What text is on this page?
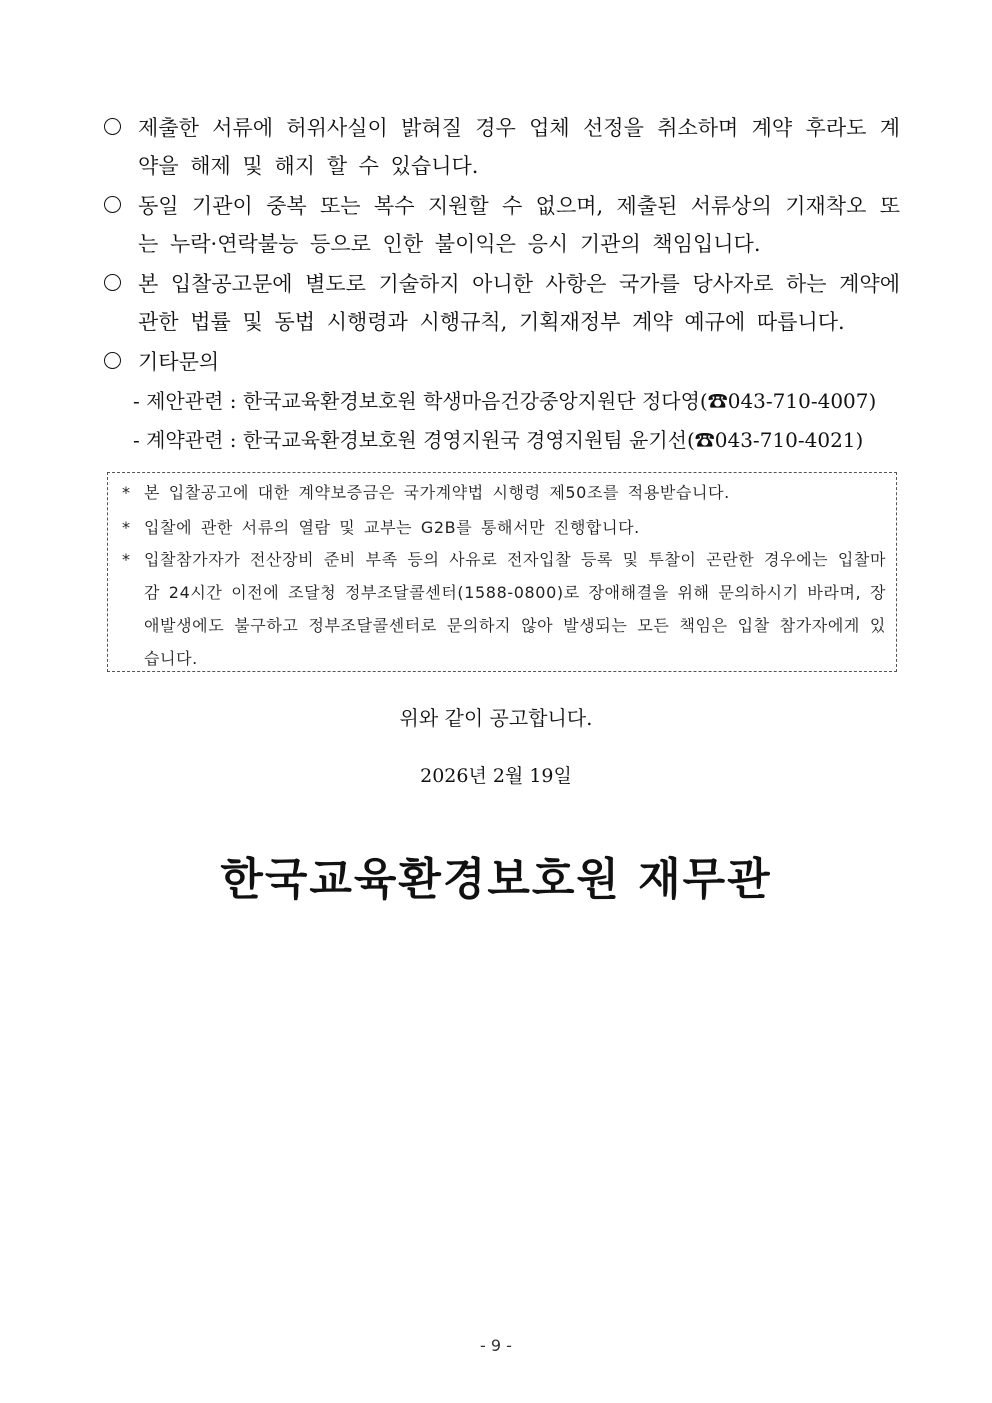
제출한 서류에 허위사실이 밝혀질 경우 업체 선정을 취소하며 계약 후라도 계약을 해제 및 해지 할 수 있습니다.
동일 기관이 중복 또는 복수 지원할 수 없으며, 제출된 서류상의 기재착오 또는 누락·연락불능 등으로 인한 불이익은 응시 기관의 책임입니다.
본 입찰공고문에 별도로 기술하지 아니한 사항은 국가를 당사자로 하는 계약에 관한 법률 및 동법 시행령과 시행규칙, 기획재정부 계약 예규에 따릅니다.
기타문의
- 제안관련 : 한국교육환경보호원 학생마음건강중앙지원단 정다영(☎043-710-4007)
- 계약관련 : 한국교육환경보호원 경영지원국 경영지원팀 윤기선(☎043-710-4021)
* 본 입찰공고에 대한 계약보증금은 국가계약법 시행령 제50조를 적용받습니다.
* 입찰에 관한 서류의 열람 및 교부는 G2B를 통해서만 진행합니다.
* 입찰참가자가 전산장비 준비 부족 등의 사유로 전자입찰 등록 및 투찰이 곤란한 경우에는 입찰마감 24시간 이전에 조달청 정부조달콜센터(1588-0800)로 장애해결을 위해 문의하시기 바라며, 장애발생에도 불구하고 정부조달콜센터로 문의하지 않아 발생되는 모든 책임은 입찰 참가자에게 있습니다.
위와 같이 공고합니다.
2026년 2월 19일
한국교육환경보호원 재무관
- 9 -
